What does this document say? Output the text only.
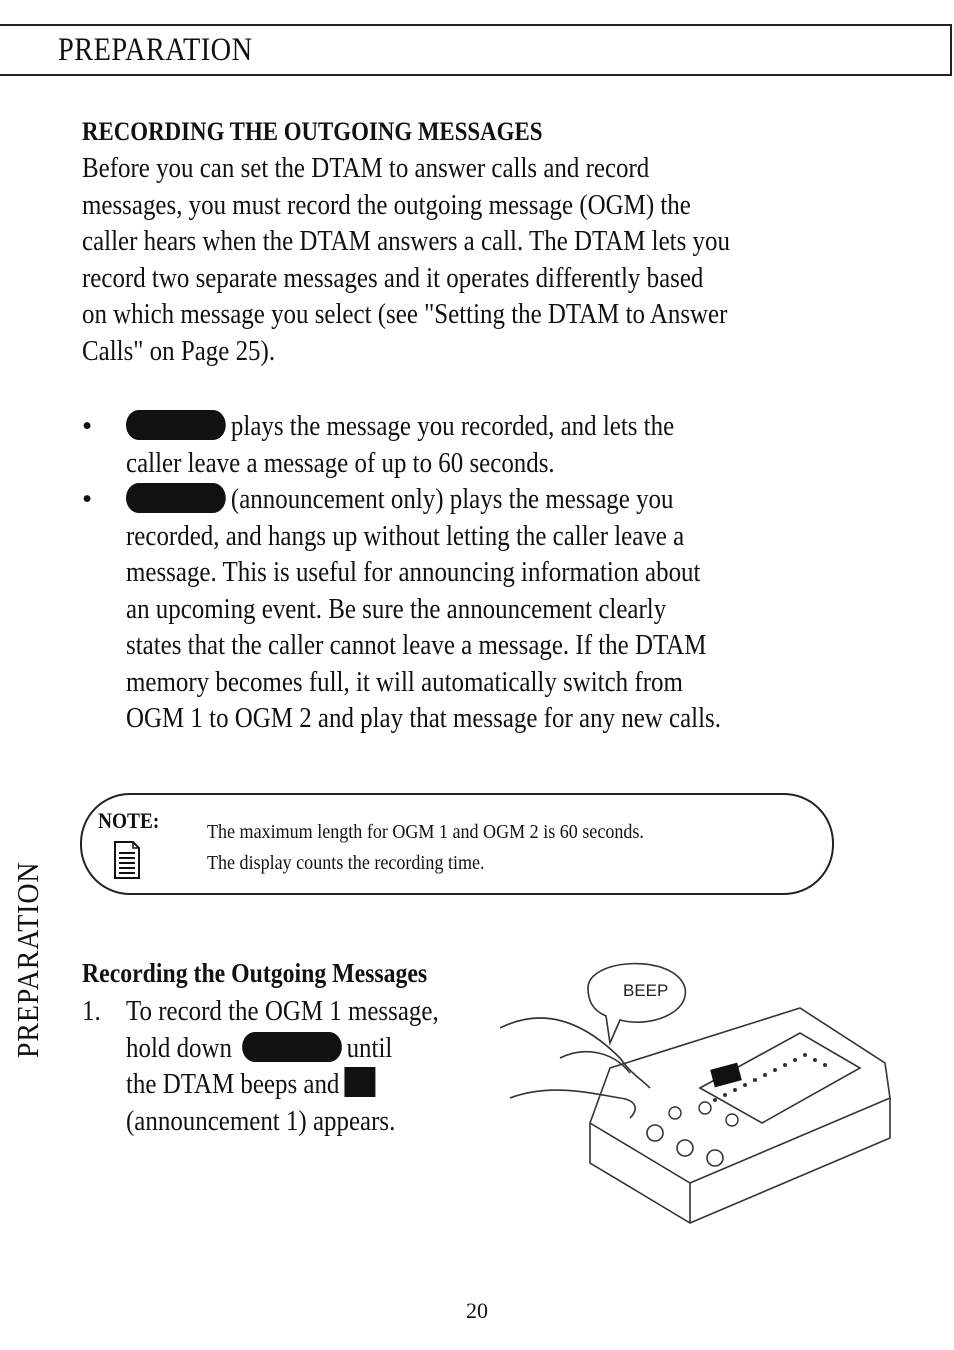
PREPARATION
RECORDING THE OUTGOING MESSAGES
Before you can set the DTAM to answer calls and record
messages, you must record the outgoing message (OGM) the
caller hears when the DTAM answers a call. The DTAM lets you
record two separate messages and it operates differently based
on which message you select (see "Setting the DTAM to Answer
Calls" on Page 25).
•	plays the message you recorded, and lets the
caller leave a message of up to 60 seconds.
•	(announcement only) plays the message you
recorded, and hangs up without letting the caller leave a
message. This is useful for announcing information about
an upcoming event. Be sure the announcement clearly
states that the caller cannot leave a message. If the DTAM
memory becomes full, it will automatically switch from
OGM 1 to OGM 2 and play that message for any new calls.
NOTE: The maximum length for OGM 1 and OGM 2 is 60 seconds.
The display counts the recording time.
PREPARATION Recording the Outgoing Messages
1. To record the OGM 1 message,
hold down	until
the DTAM beeps and
(announcement 1) appears.
BEEP
20
